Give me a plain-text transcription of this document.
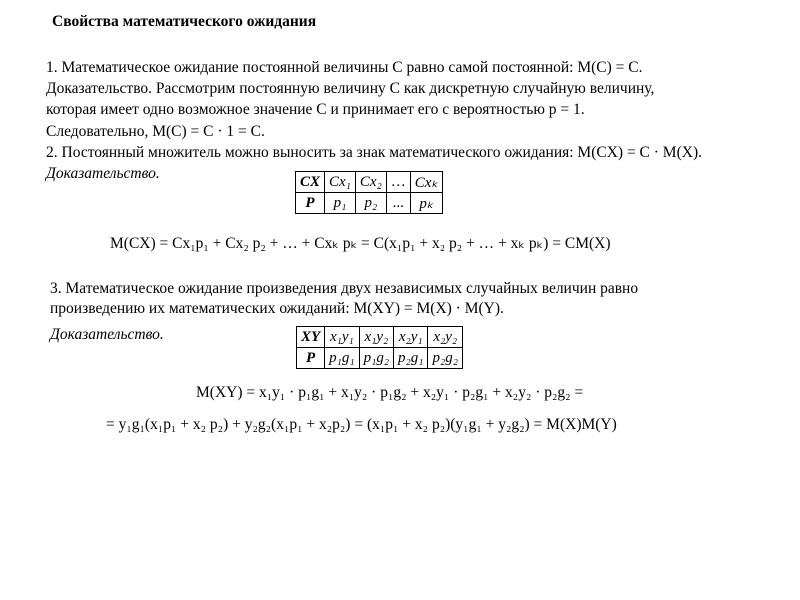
Свойства математического ожидания
1. Математическое ожидание постоянной величины C равно самой постоянной: M(C) = C.
Доказательство. Рассмотрим постоянную величину C как дискретную случайную величину,
которая имеет одно возможное значение C и принимает его с вероятностью p = 1.
Следовательно, M(C) = C · 1 = C.
2. Постоянный множитель можно выносить за знак математического ожидания: M(CX) = C · M(X).
Доказательство.	CX	Cx₁	Cx₂	…	Cxₖ
P	p₁	p₂	...	pₖ
M(CX) = Cx₁p₁ + Cx₂ p₂ + … + Cxₖ pₖ = C(x₁p₁ + x₂ p₂ + … + xₖ pₖ) = CM(X)
3. Математическое ожидание произведения двух независимых случайных величин равно
произведению их математических ожиданий: M(XY) = M(X) · M(Y).
Доказательство.	XY	x₁y₁	x₁y₂	x₂y₁	x₂y₂
P	p₁g₁	p₁g₂	p₂g₁	p₂g₂
M(XY) = x₁y₁ · p₁g₁ + x₁y₂ · p₁g₂ + x₂y₁ · p₂g₁ + x₂y₂ · p₂g₂ =
= y₁g₁(x₁p₁ + x₂ p₂) + y₂g₂(x₁p₁ + x₂p₂) = (x₁p₁ + x₂ p₂)(y₁g₁ + y₂g₂) = M(X)M(Y)
